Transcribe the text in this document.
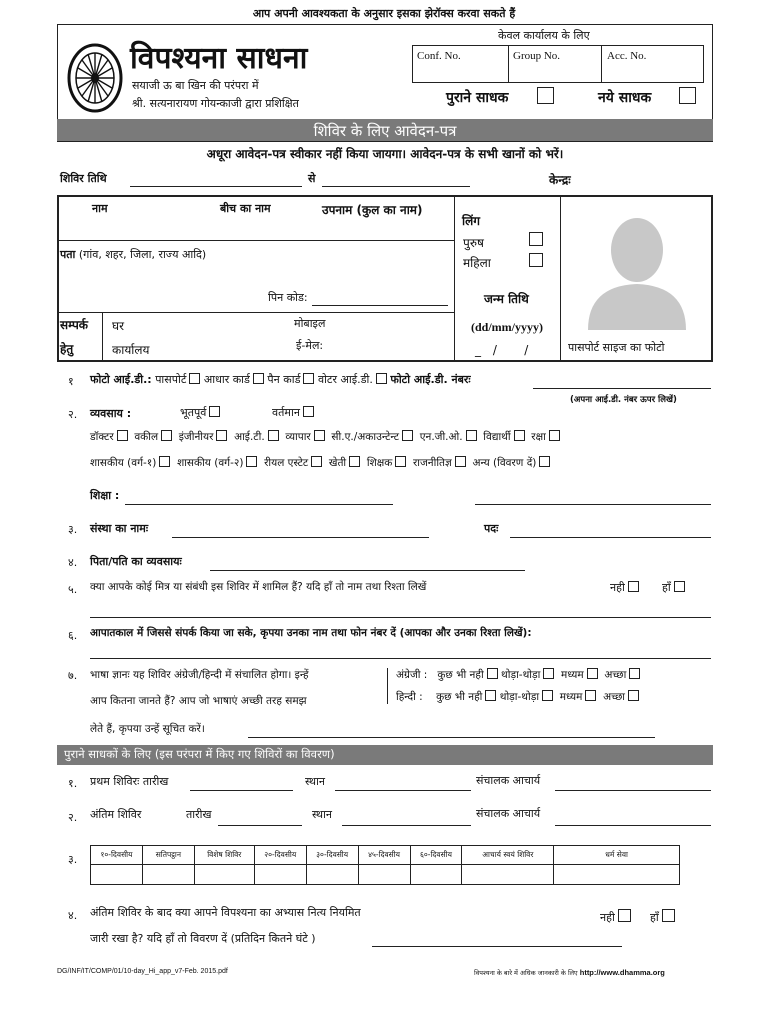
आप अपनी आवश्यकता के अनुसार इसका झेरॉक्स करवा सकते हैं
विपश्यना साधना
सयाजी ऊ बा खिन की परंपरा में
श्री. सत्यनारायण गोयन्काजी द्वारा प्रशिक्षित
केवल कार्यालय के लिए
Conf. No.	Group No.	Acc. No.
पुराने साधक	नये साधक
शिविर के लिए आवेदन-पत्र
अधूरा आवेदन-पत्र स्वीकार नहीं किया जायगा। आवेदन-पत्र के सभी खानों को भरें।
शिविर तिथि	से	केन्द्रः
नाम	बीच का नाम	उपनाम (कुल का नाम)
लिंग
पुरुष
महिला
पता (गांव, शहर, जिला, राज्य आदि)
पिन कोड:	जन्म तिथि
(dd/mm/yyyy)
_ /   /
सम्पर्क
हेतु
घर
कार्यालय
मोबाइल
ई-मेल:	पासपोर्ट साइज का फोटो
१ फोटो आई.डी.: पासपोर्ट आधार कार्ड पैन कार्ड वोटर आई.डी. फोटो आई.डी. नंबरः
(अपना आई.डी. नंबर ऊपर लिखें)
२. व्यवसाय :	भूतपूर्व	वर्तमान
डॉक्टर वकील इंजीनीयर आई.टी. व्यापार सी.ए./अकाउन्टेन्ट एन.जी.ओ. विद्यार्थी रक्षा
शासकीय (वर्ग-१) शासकीय (वर्ग-२) रीयल एस्टेट खेती शिक्षक राजनीतिज्ञ अन्य (विवरण दें)
शिक्षा :
३. संस्था का नामः	पदः
४. पिता/पति का व्यवसायः
५. क्या आपके कोई मित्र या संबंधी इस शिविर में शामिल हैं? यदि हाँ तो नाम तथा रिश्ता लिखें	नही	हाँ
६. आपातकाल में जिससे संपर्क किया जा सके, कृपया उनका नाम तथा फोन नंबर दें (आपका और उनका रिश्ता लिखें):
७. भाषा ज्ञानः यह शिविर अंग्रेजी/हिन्दी में संचालित होगा। इन्हें
आप कितना जानते हैं? आप जो भाषाएं अच्छी तरह समझ
लेते हैं, कृपया उन्हें सूचित करें।
अंग्रेजी : कुछ भी नही थोड़ा-थोड़ा मध्यम अच्छा
हिन्दी : कुछ भी नही थोड़ा-थोड़ा मध्यम अच्छा
पुराने साधकों के लिए (इस परंपरा में किए गए शिविरों का विवरण)
१. प्रथम शिविरः तारीख	स्थान	संचालक आचार्य
२. अंतिम शिविर	तारीख	स्थान	संचालक आचार्य
३.	१०-दिवसीय	सतिपट्ठान	विशेष शिविर	२०-दिवसीय	३०-दिवसीय	४५-दिवसीय	६०-दिवसीय	आचार्य स्वयं शिविर	धर्म सेवा

४. अंतिम शिविर के बाद क्या आपने विपश्यना का अभ्यास नित्य नियमित
जारी रखा है? यदि हाँ तो विवरण दें (प्रतिदिन कितने घंटे )
नही	हाँ
DG/INF/IT/COMP/01/10-day_Hi_app_v7-Feb. 2015.pdf	विपश्यना के बारे में अधिक जानकारी के लिए http://www.dhamma.org
